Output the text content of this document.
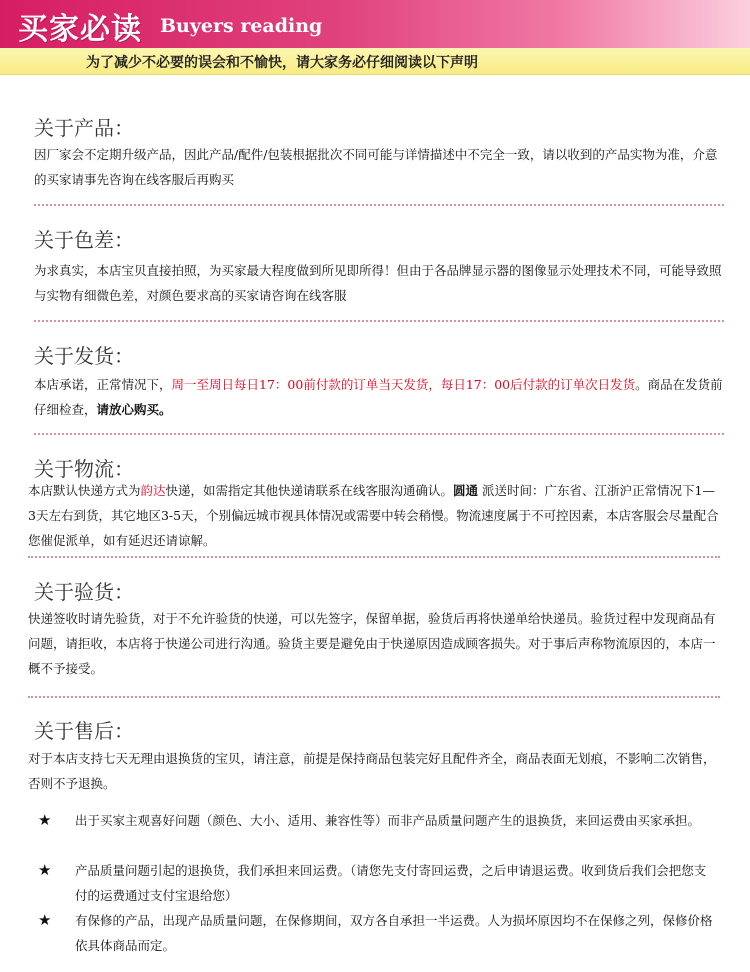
买家必读 Buyers reading
为了减少不必要的误会和不愉快，请大家务必仔细阅读以下声明
关于产品：
因厂家会不定期升级产品，因此产品/配件/包装根据批次不同可能与详情描述中不完全一致，请以收到的产品实物为准，介意的买家请事先咨询在线客服后再购买
关于色差：
为求真实，本店宝贝直接拍照，为买家最大程度做到所见即所得！但由于各品牌显示器的图像显示处理技术不同，可能导致照与实物有细微色差，对颜色要求高的买家请咨询在线客服
关于发货：
本店承诺，正常情况下，周一至周日每日17：00前付款的订单当天发货，每日17：00后付款的订单次日发货。商品在发货前仔细检查，请放心购买。
关于物流：
本店默认快递方式为韵达快递，如需指定其他快递请联系在线客服沟通确认。圆通 派送时间：广东省、江浙沪正常情况下1—3天左右到货，其它地区3-5天，个别偏远城市视具体情况或需要中转会稍慢。物流速度属于不可控因素，本店客服会尽量配合您催促派单，如有延迟还请谅解。
关于验货：
快递签收时请先验货，对于不允许验货的快递，可以先签字，保留单据，验货后再将快递单给快递员。验货过程中发现商品有问题，请拒收，本店将于快递公司进行沟通。验货主要是避免由于快递原因造成顾客损失。对于事后声称物流原因的，本店一概不予接受。
关于售后：
对于本店支持七天无理由退换货的宝贝，请注意，前提是保持商品包装完好且配件齐全，商品表面无划痕，不影响二次销售，否则不予退换。
★ 出于买家主观喜好问题（颜色、大小、适用、兼容性等）而非产品质量问题产生的退换货，来回运费由买家承担。
★ 产品质量问题引起的退换货，我们承担来回运费。（请您先支付寄回运费，之后申请退运费。收到货后我们会把您支付的运费通过支付宝退给您）
★ 有保修的产品，出现产品质量问题，在保修期间，双方各自承担一半运费。人为损坏原因均不在保修之列，保修价格依具体商品而定。
